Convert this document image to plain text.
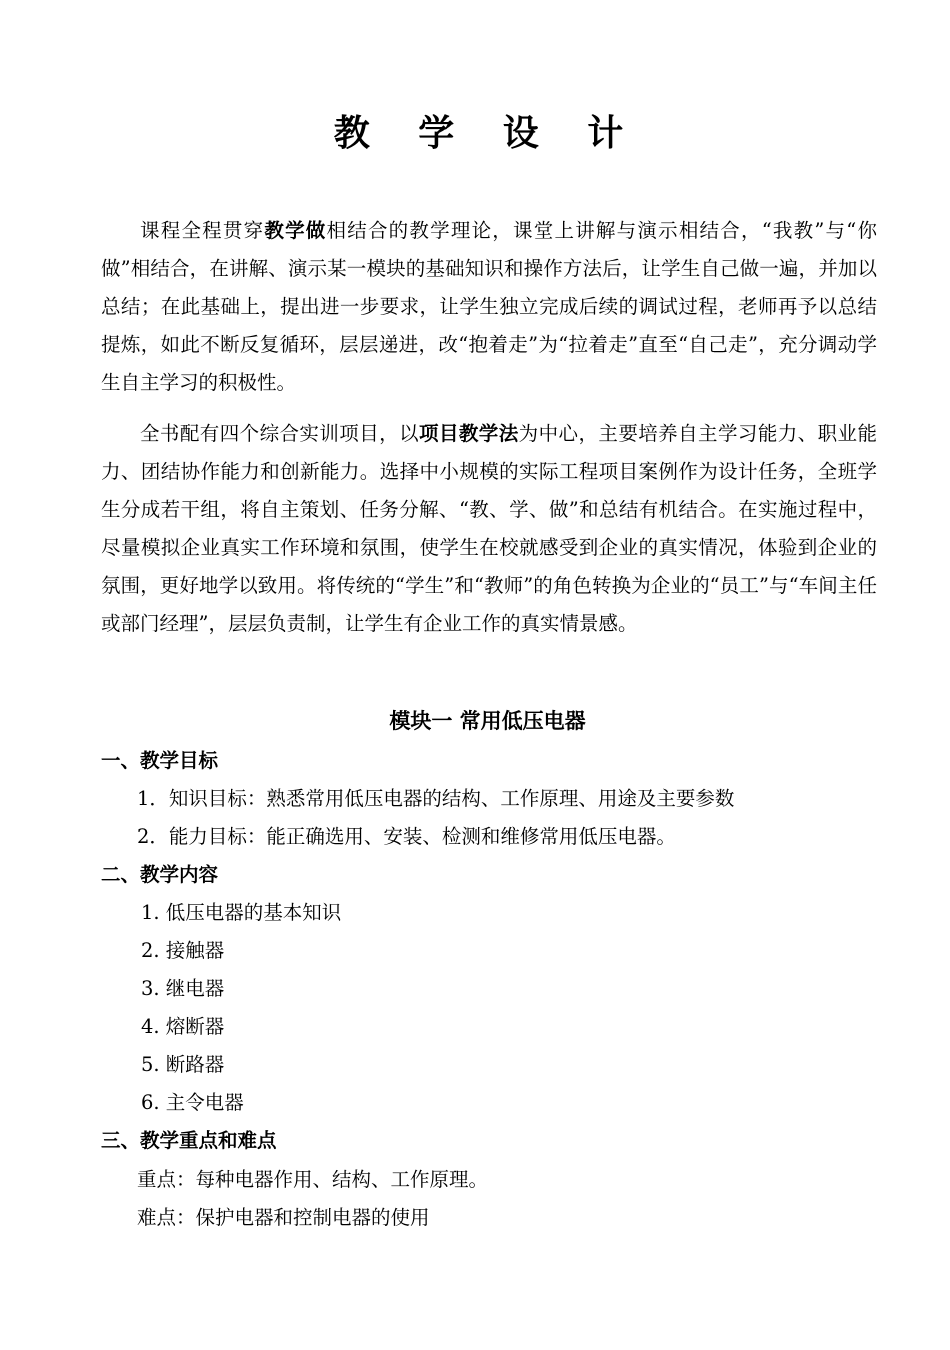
教 学 设 计

课程全程贯穿教学做相结合的教学理论，课堂上讲解与演示相结合，“我教”与“你做”相结合，在讲解、演示某一模块的基础知识和操作方法后，让学生自己做一遍，并加以总结；在此基础上，提出进一步要求，让学生独立完成后续的调试过程，老师再予以总结提炼，如此不断反复循环，层层递进，改“抱着走”为“拉着走”直至“自己走”，充分调动学生自主学习的积极性。

全书配有四个综合实训项目，以项目教学法为中心，主要培养自主学习能力、职业能力、团结协作能力和创新能力。选择中小规模的实际工程项目案例作为设计任务，全班学生分成若干组，将自主策划、任务分解、“教、学、做”和总结有机结合。在实施过程中，尽量模拟企业真实工作环境和氛围，使学生在校就感受到企业的真实情况，体验到企业的氛围，更好地学以致用。将传统的“学生”和“教师”的角色转换为企业的“员工”与“车间主任或部门经理”，层层负责制，让学生有企业工作的真实情景感。

模块一 常用低压电器
一、教学目标
1．知识目标：熟悉常用低压电器的结构、工作原理、用途及主要参数
2．能力目标：能正确选用、安装、检测和维修常用低压电器。
二、教学内容
1. 低压电器的基本知识
2. 接触器
3. 继电器
4. 熔断器
5. 断路器
6. 主令电器
三、教学重点和难点
重点：每种电器作用、结构、工作原理。
难点：保护电器和控制电器的使用
